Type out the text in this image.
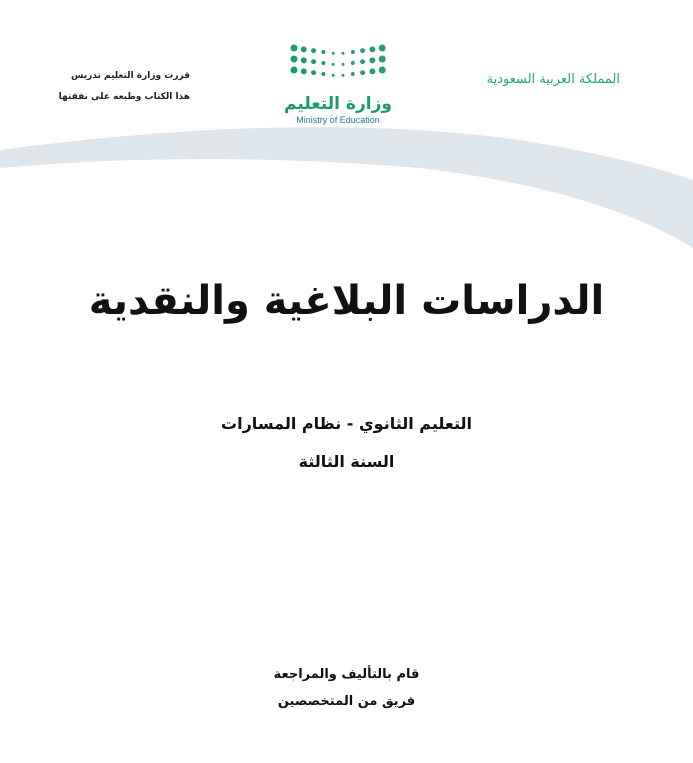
قررت وزارة التعليم تدريس
هذا الكتاب وطبعه على نفقتها	وزارة التعليم
Ministry of Education
المملكة العربية السعودية
الدراسات البلاغية والنقدية
التعليم الثانوي - نظام المسارات
السنة الثالثة
قام بالتأليف والمراجعة
فريق من المتخصصين
